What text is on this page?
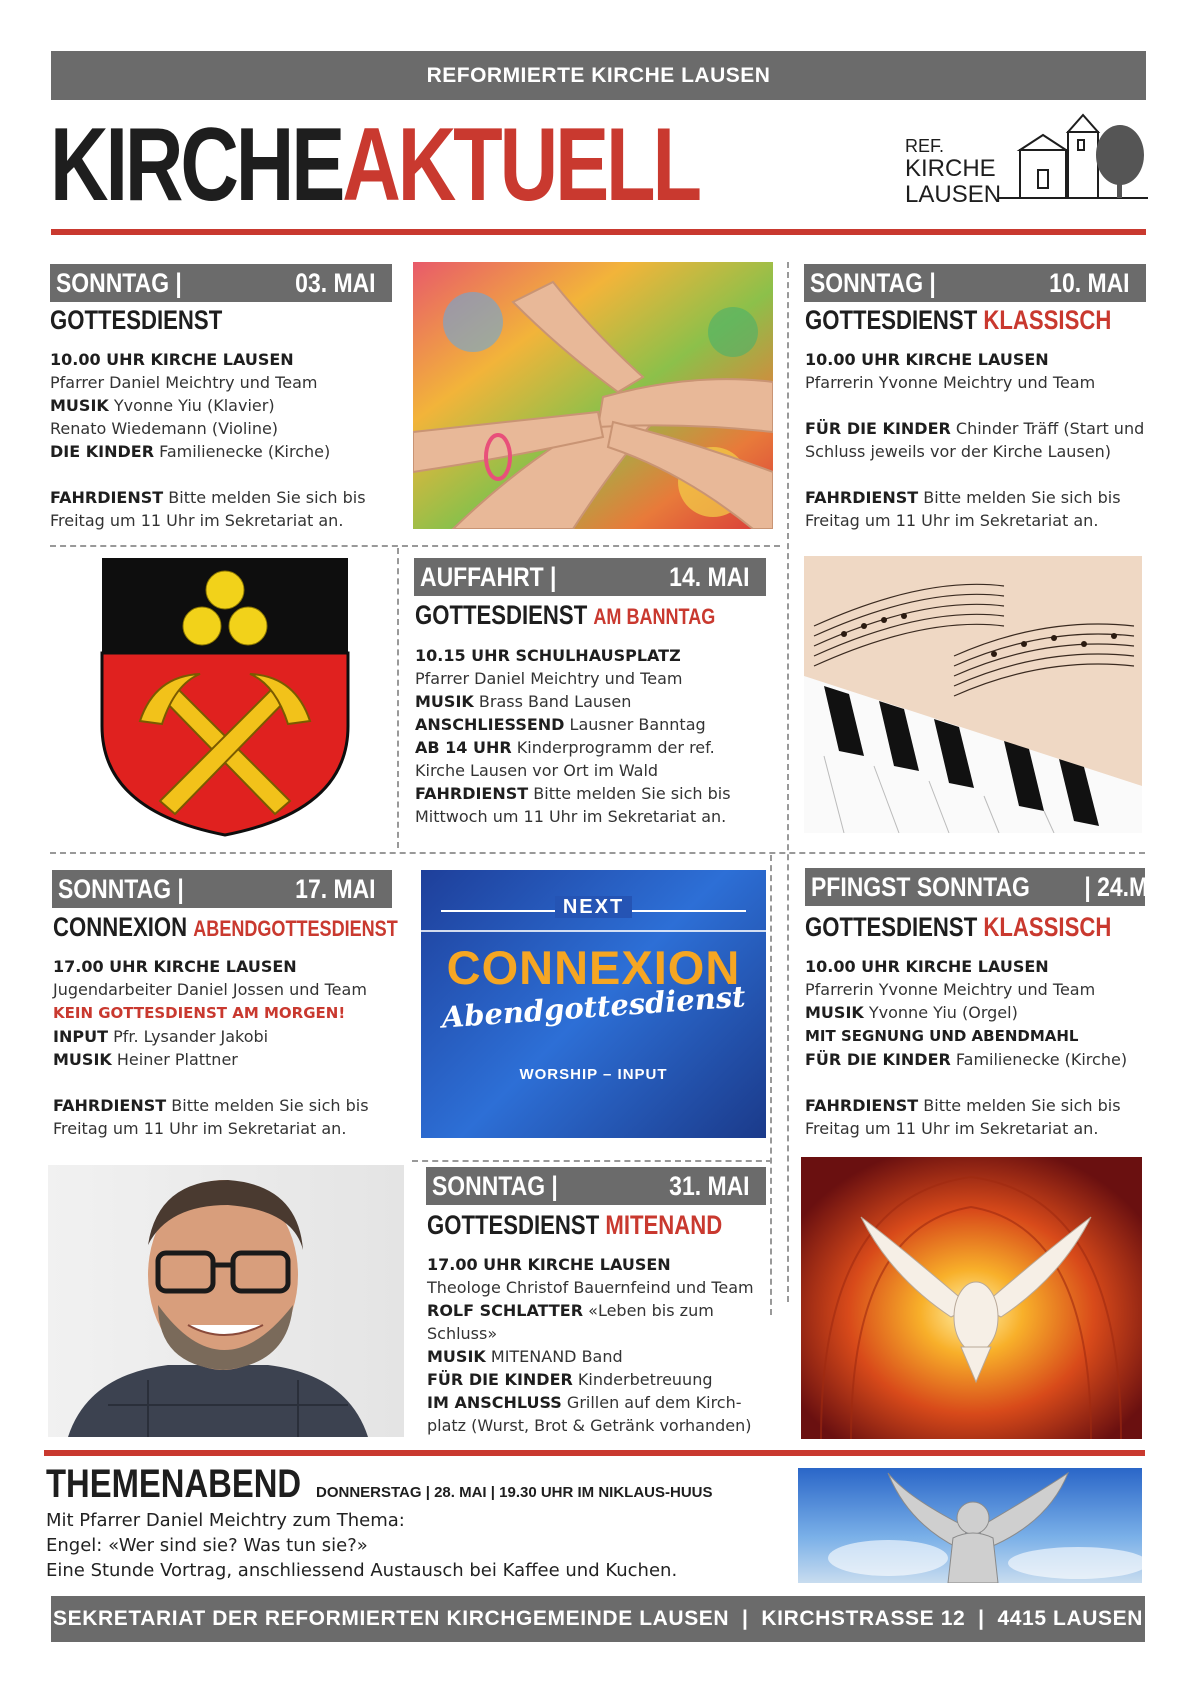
REFORMIERTE KIRCHE LAUSEN
KIRCHEAKTUELL	REF.
KIRCHE
LAUSEN
SONNTAG |	03. MAI
GOTTESDIENST
10.00 UHR KIRCHE LAUSEN
Pfarrer Daniel Meichtry und Team
MUSIK Yvonne Yiu (Klavier)
Renato Wiedemann (Violine)
DIE KINDER Familienecke (Kirche)
FAHRDIENST Bitte melden Sie sich bis
Freitag um 11 Uhr im Sekretariat an.
SONNTAG |	10. MAI
GOTTESDIENST KLASSISCH
10.00 UHR KIRCHE LAUSEN
Pfarrerin Yvonne Meichtry und Team
FÜR DIE KINDER Chinder Träff (Start und
Schluss jeweils vor der Kirche Lausen)
FAHRDIENST Bitte melden Sie sich bis
Freitag um 11 Uhr im Sekretariat an.
AUFFAHRT |	14. MAI
GOTTESDIENST AM BANNTAG
10.15 UHR SCHULHAUSPLATZ
Pfarrer Daniel Meichtry und Team
MUSIK Brass Band Lausen
ANSCHLIESSEND Lausner Banntag
AB 14 UHR Kinderprogramm der ref.
Kirche Lausen vor Ort im Wald
FAHRDIENST Bitte melden Sie sich bis
Mittwoch um 11 Uhr im Sekretariat an.
SONNTAG |	17. MAI
CONNEXION ABENDGOTTESDIENST
17.00 UHR KIRCHE LAUSEN
Jugendarbeiter Daniel Jossen und Team
KEIN GOTTESDIENST AM MORGEN!
INPUT Pfr. Lysander Jakobi
MUSIK Heiner Plattner
FAHRDIENST Bitte melden Sie sich bis
Freitag um 11 Uhr im Sekretariat an.
NEXT
CONNEXION
Abendgottesdienst
WORSHIP – INPUT
PFINGST SONNTAG | 24.MAI
GOTTESDIENST KLASSISCH
10.00 UHR KIRCHE LAUSEN
Pfarrerin Yvonne Meichtry und Team
MUSIK Yvonne Yiu (Orgel)
MIT SEGNUNG UND ABENDMAHL
FÜR DIE KINDER Familienecke (Kirche)
FAHRDIENST Bitte melden Sie sich bis
Freitag um 11 Uhr im Sekretariat an.
SONNTAG |	31. MAI
GOTTESDIENST MITENAND
17.00 UHR KIRCHE LAUSEN
Theologe Christof Bauernfeind und Team
ROLF SCHLATTER «Leben bis zum
Schluss»
MUSIK MITENAND Band
FÜR DIE KINDER Kinderbetreuung
IM ANSCHLUSS Grillen auf dem Kirch-
platz (Wurst, Brot & Getränk vorhanden)
THEMENABEND DONNERSTAG | 28. MAI | 19.30 UHR IM NIKLAUS-HUUS
Mit Pfarrer Daniel Meichtry zum Thema:
Engel: «Wer sind sie? Was tun sie?»
Eine Stunde Vortrag, anschliessend Austausch bei Kaffee und Kuchen.
SEKRETARIAT DER REFORMIERTEN KIRCHGEMEINDE LAUSEN  |  KIRCHSTRASSE 12  |  4415 LAUSEN
